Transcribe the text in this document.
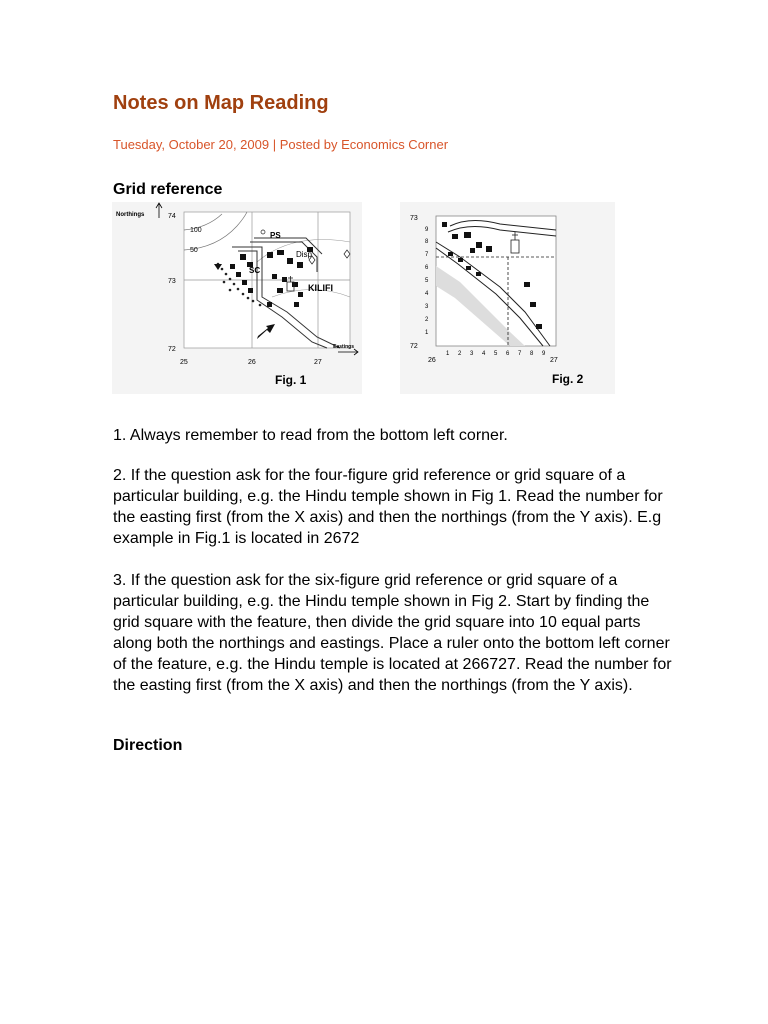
Notes on Map Reading
Tuesday, October 20, 2009 | Posted by Economics Corner
Grid reference
Northings
100
50
PS
Disp
SC
KILIFI
74
73
72
25	26	27
Eastings
Fig. 1
73
72
9
8
7
6
5
4
3
2
1
26	27
1 2 3 4 5 6 7 8 9
Fig. 2

1. Always remember to read from the bottom left corner.

2. If the question ask for the four-figure grid reference or grid square of a particular building, e.g. the Hindu temple shown in Fig 1. Read the number for the easting first (from the X axis) and then the northings (from the Y axis). E.g example in Fig.1 is located in 2672

3. If the question ask for the six-figure grid reference or grid square of a particular building, e.g. the Hindu temple shown in Fig 2. Start by finding the grid square with the feature, then divide the grid square into 10 equal parts along both the northings and eastings. Place a ruler onto the bottom left corner of the feature, e.g. the Hindu temple is located at 266727. Read the number for the easting first (from the X axis) and then the northings (from the Y axis).

Direction
